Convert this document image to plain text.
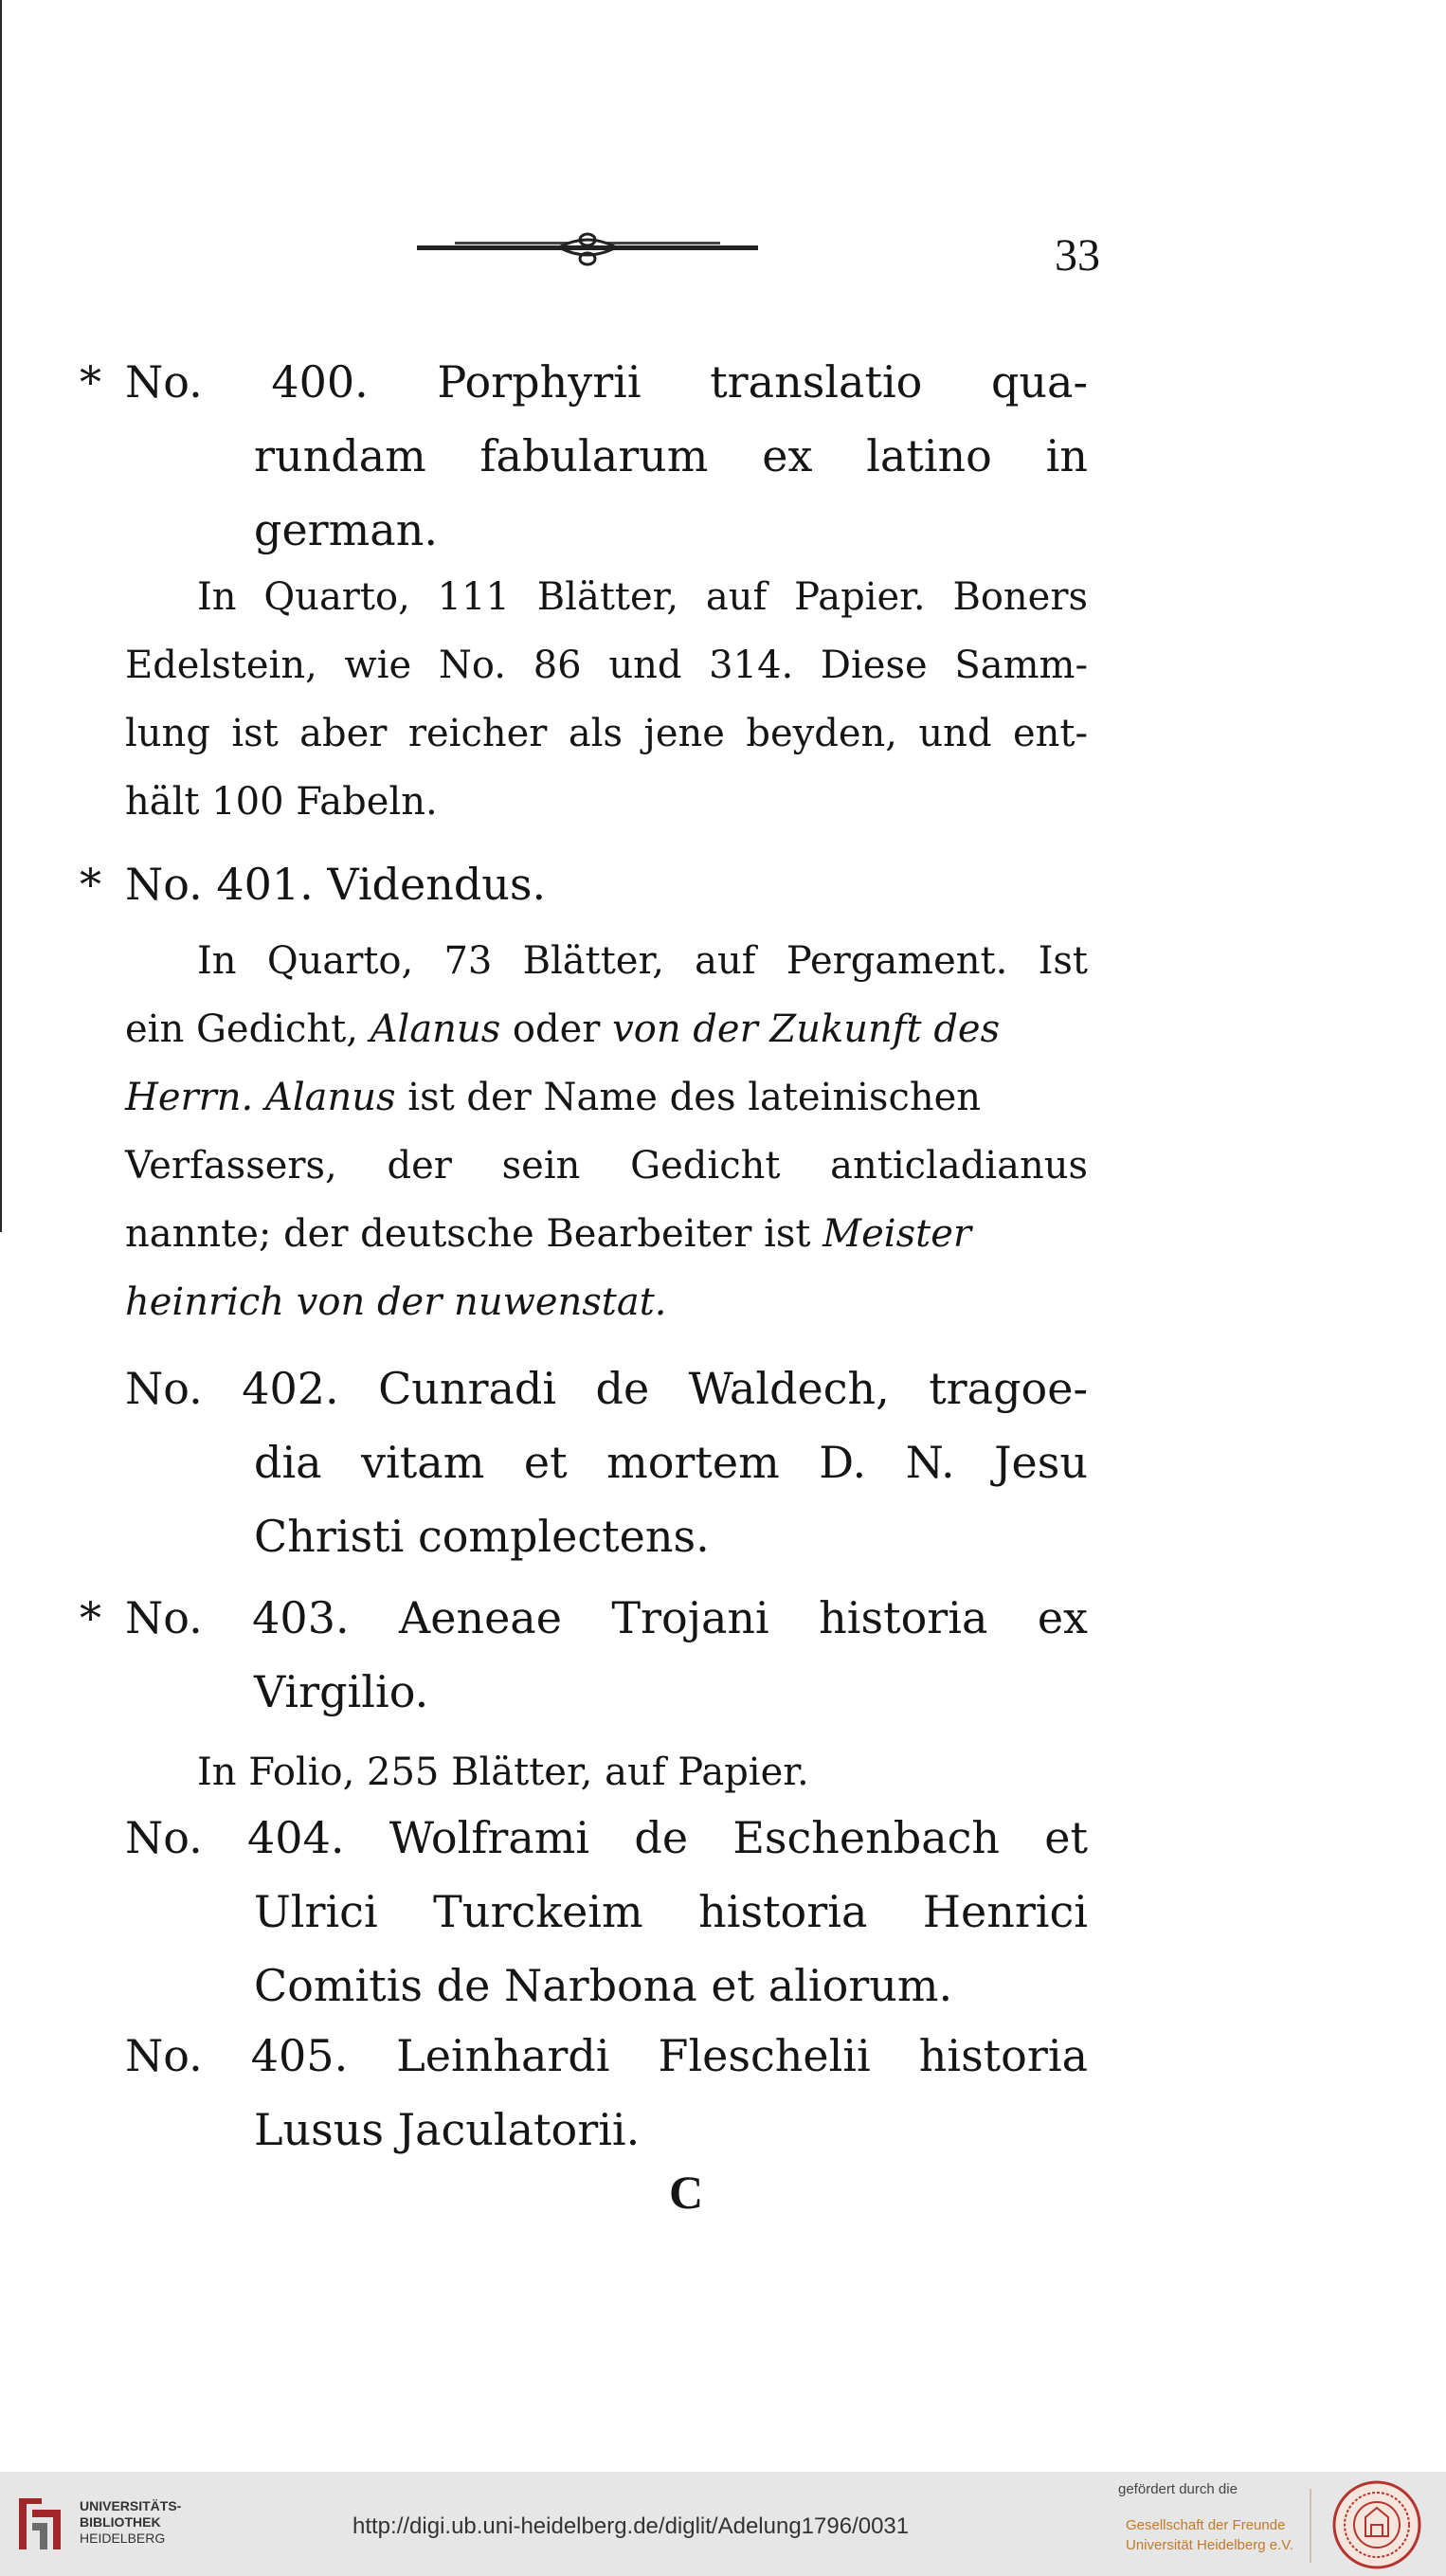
33
* No. 400. Porphyrii translatio qua-
rundam fabularum ex latino in
german.
In Quarto, 111 Blätter, auf Papier. Boners
Edelstein, wie No. 86 und 314. Diese Samm-
lung ist aber reicher als jene beyden, und ent-
hält 100 Fabeln.
* No. 401. Videndus.
In Quarto, 73 Blätter, auf Pergament. Ist
ein Gedicht, Alanus oder von der Zukunft des
Herrn. Alanus ist der Name des lateinischen
Verfassers, der sein Gedicht anticladianus
nannte; der deutsche Bearbeiter ist Meister
heinrich von der nuwenstat.
No. 402. Cunradi de Waldech, tragoe-
dia vitam et mortem D. N. Jesu
Christi complectens.
* No. 403. Aeneae Trojani historia ex
Virgilio.
In Folio, 255 Blätter, auf Papier.
No. 404. Wolframi de Eschenbach et
Ulrici Turckeim historia Henrici
Comitis de Narbona et aliorum.
No. 405. Leinhardi Fleschelii historia
Lusus Jaculatorii.
C
UNIVERSITÄTS-
BIBLIOTHEK
HEIDELBERG	http://digi.ub.uni-heidelberg.de/diglit/Adelung1796/0031
gefördert durch die
Gesellschaft der Freunde
Universität Heidelberg e.V.
